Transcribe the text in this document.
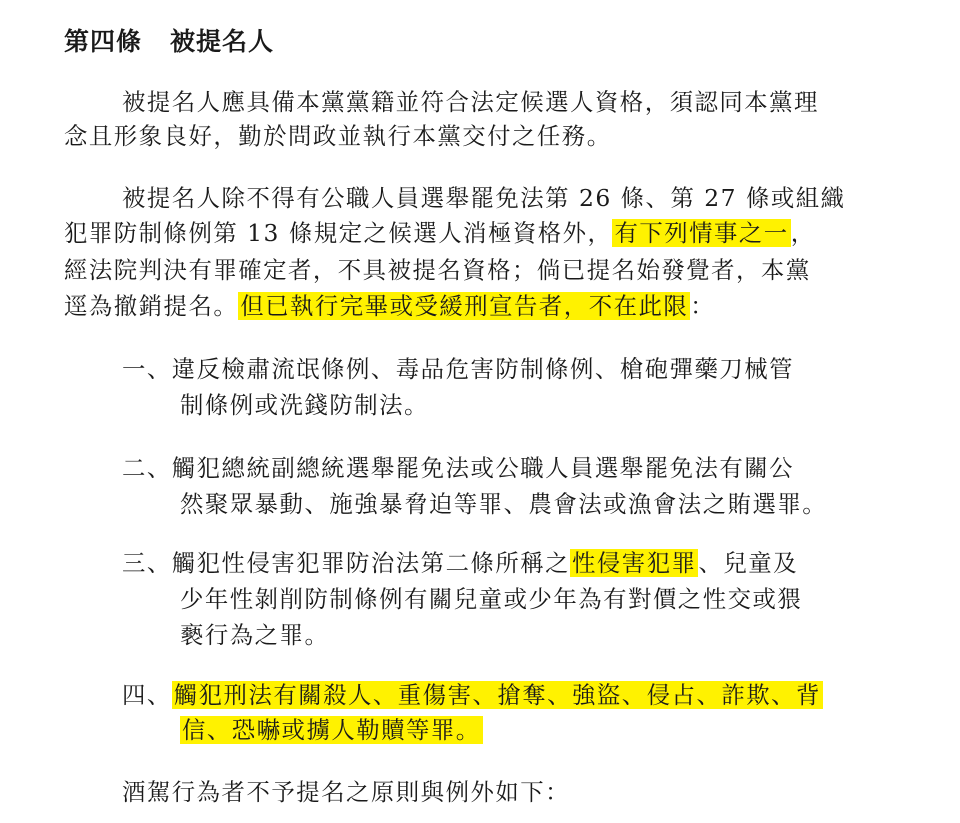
第四條 被提名人
被提名人應具備本黨黨籍並符合法定候選人資格，須認同本黨理
念且形象良好，勤於問政並執行本黨交付之任務。
被提名人除不得有公職人員選舉罷免法第 26 條、第 27 條或組織
犯罪防制條例第 13 條規定之候選人消極資格外，有下列情事之一，
經法院判決有罪確定者，不具被提名資格；倘已提名始發覺者，本黨
逕為撤銷提名。但已執行完畢或受緩刑宣告者，不在此限：
一、違反檢肅流氓條例、毒品危害防制條例、槍砲彈藥刀械管
制條例或洗錢防制法。
二、觸犯總統副總統選舉罷免法或公職人員選舉罷免法有關公
然聚眾暴動、施強暴脅迫等罪、農會法或漁會法之賄選罪。
三、觸犯性侵害犯罪防治法第二條所稱之性侵害犯罪、兒童及
少年性剝削防制條例有關兒童或少年為有對價之性交或猥
褻行為之罪。
四、觸犯刑法有關殺人、重傷害、搶奪、強盜、侵占、詐欺、背
信、恐嚇或擄人勒贖等罪。
酒駕行為者不予提名之原則與例外如下：
